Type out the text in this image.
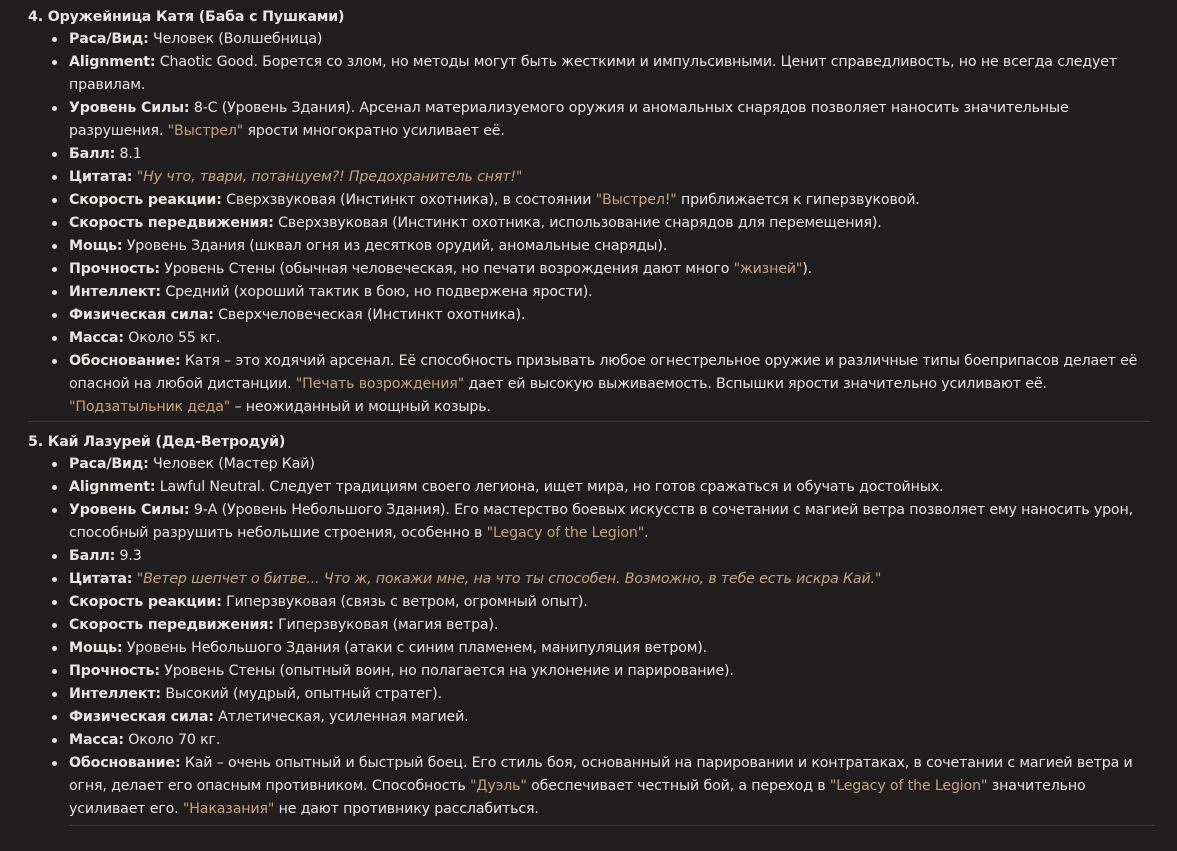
4. Оружейница Катя (Баба с Пушками)
Раса/Вид: Человек (Волшебница)
Alignment: Chaotic Good. Борется со злом, но методы могут быть жесткими и импульсивными. Ценит справедливость, но не всегда следует правилам.
Уровень Силы: 8-C (Уровень Здания). Арсенал материализуемого оружия и аномальных снарядов позволяет наносить значительные разрушения. "Выстрел" ярости многократно усиливает её.
Балл: 8.1
Цитата: "Ну что, твари, потанцуем?! Предохранитель снят!"
Скорость реакции: Сверхзвуковая (Инстинкт охотника), в состоянии "Выстрел!" приближается к гиперзвуковой.
Скорость передвижения: Сверхзвуковая (Инстинкт охотника, использование снарядов для перемещения).
Мощь: Уровень Здания (шквал огня из десятков орудий, аномальные снаряды).
Прочность: Уровень Стены (обычная человеческая, но печати возрождения дают много "жизней").
Интеллект: Средний (хороший тактик в бою, но подвержена ярости).
Физическая сила: Сверхчеловеческая (Инстинкт охотника).
Масса: Около 55 кг.
Обоснование: Катя – это ходячий арсенал. Её способность призывать любое огнестрельное оружие и различные типы боеприпасов делает её опасной на любой дистанции. "Печать возрождения" дает ей высокую выживаемость. Вспышки ярости значительно усиливают её. "Подзатыльник деда" – неожиданный и мощный козырь.
5. Кай Лазурей (Дед-Ветродуй)
Раса/Вид: Человек (Мастер Кай)
Alignment: Lawful Neutral. Следует традициям своего легиона, ищет мира, но готов сражаться и обучать достойных.
Уровень Силы: 9-A (Уровень Небольшого Здания). Его мастерство боевых искусств в сочетании с магией ветра позволяет ему наносить урон, способный разрушить небольшие строения, особенно в "Legacy of the Legion".
Балл: 9.3
Цитата: "Ветер шепчет о битве... Что ж, покажи мне, на что ты способен. Возможно, в тебе есть искра Кай."
Скорость реакции: Гиперзвуковая (связь с ветром, огромный опыт).
Скорость передвижения: Гиперзвуковая (магия ветра).
Мощь: Уровень Небольшого Здания (атаки с синим пламенем, манипуляция ветром).
Прочность: Уровень Стены (опытный воин, но полагается на уклонение и парирование).
Интеллект: Высокий (мудрый, опытный стратег).
Физическая сила: Атлетическая, усиленная магией.
Масса: Около 70 кг.
Обоснование: Кай – очень опытный и быстрый боец. Его стиль боя, основанный на парировании и контратаках, в сочетании с магией ветра и огня, делает его опасным противником. Способность "Дуэль" обеспечивает честный бой, а переход в "Legacy of the Legion" значительно усиливает его. "Наказания" не дают противнику расслабиться.
